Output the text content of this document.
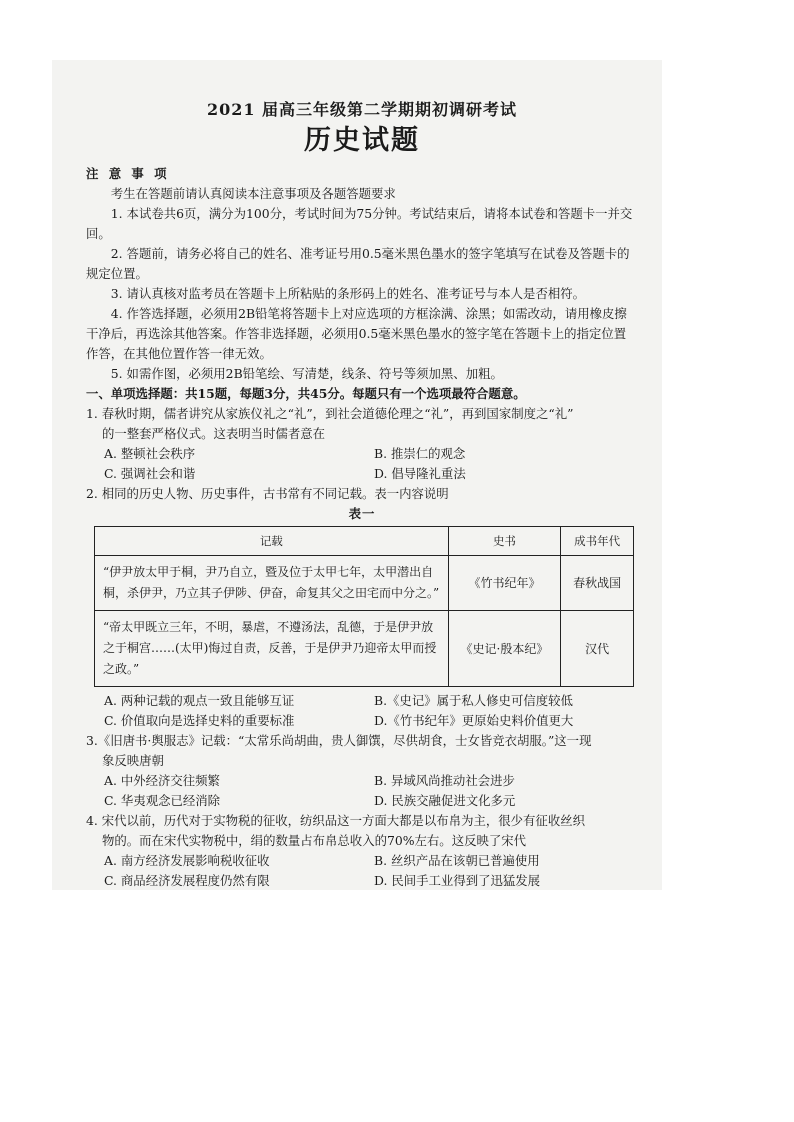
2021 届高三年级第二学期期初调研考试
历史试题
注 意 事 项
考生在答题前请认真阅读本注意事项及各题答题要求
1. 本试卷共6页，满分为100分，考试时间为75分钟。考试结束后，请将本试卷和答题卡一并交回。
2. 答题前，请务必将自己的姓名、准考证号用0.5毫米黑色墨水的签字笔填写在试卷及答题卡的规定位置。
3. 请认真核对监考员在答题卡上所粘贴的条形码上的姓名、准考证号与本人是否相符。
4. 作答选择题，必须用2B铅笔将答题卡上对应选项的方框涂满、涂黑；如需改动，请用橡皮擦干净后，再选涂其他答案。作答非选择题，必须用0.5毫米黑色墨水的签字笔在答题卡上的指定位置作答，在其他位置作答一律无效。
5. 如需作图，必须用2B铅笔绘、写清楚，线条、符号等须加黑、加粗。
一、单项选择题：共15题，每题3分，共45分。每题只有一个选项最符合题意。
1. 春秋时期，儒者讲究从家族仪礼之“礼”，到社会道德伦理之“礼”，再到国家制度之“礼”
的一整套严格仪式。这表明当时儒者意在
A. 整顿社会秩序	B. 推崇仁的观念
C. 强调社会和谐	D. 倡导隆礼重法
2. 相同的历史人物、历史事件，古书常有不同记载。表一内容说明
表一
记载	史书	成书年代
“伊尹放太甲于桐，尹乃自立，暨及位于太甲七年，太甲潜出自桐，杀伊尹，乃立其子伊陟、伊奋，命复其父之田宅而中分之。”	《竹书纪年》	春秋战国
“帝太甲既立三年，不明，暴虐，不遵汤法，乱德，于是伊尹放之于桐宫……(太甲)悔过自责，反善，于是伊尹乃迎帝太甲而授之政。”	《史记·殷本纪》	汉代
A. 两种记载的观点一致且能够互证	B.《史记》属于私人修史可信度较低
C. 价值取向是选择史料的重要标准	D.《竹书纪年》更原始史料价值更大
3.《旧唐书·舆服志》记载：“太常乐尚胡曲，贵人御馔，尽供胡食，士女皆竞衣胡服。”这一现
象反映唐朝
A. 中外经济交往频繁	B. 异域风尚推动社会进步
C. 华夷观念已经消除	D. 民族交融促进文化多元
4. 宋代以前，历代对于实物税的征收，纺织品这一方面大都是以布帛为主，很少有征收丝织
物的。而在宋代实物税中，绢的数量占布帛总收入的70%左右。这反映了宋代
A. 南方经济发展影响税收征收	B. 丝织产品在该朝已普遍使用
C. 商品经济发展程度仍然有限	D. 民间手工业得到了迅猛发展
